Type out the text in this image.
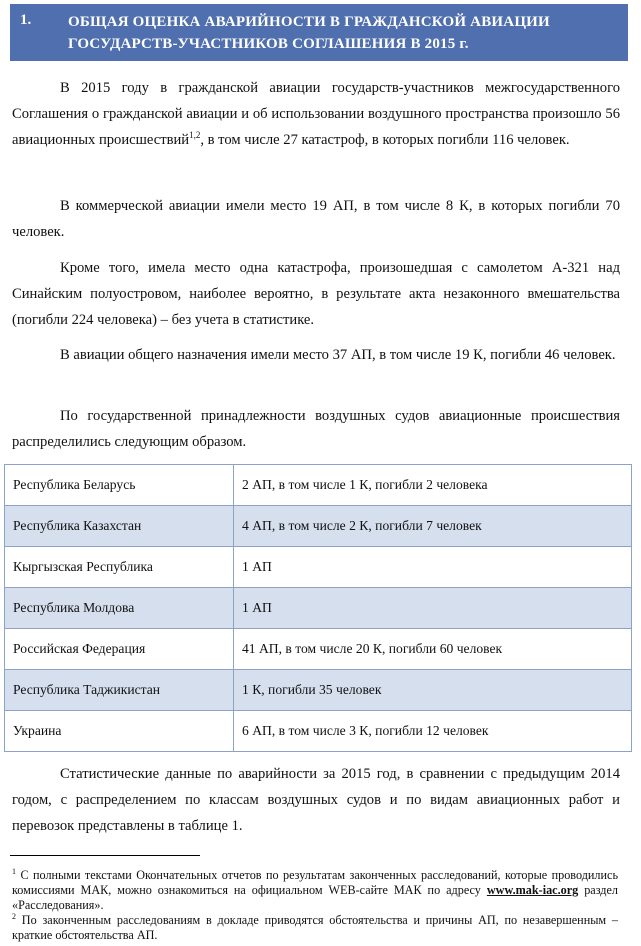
1. ОБЩАЯ ОЦЕНКА АВАРИЙНОСТИ В ГРАЖДАНСКОЙ АВИАЦИИ ГОСУДАРСТВ-УЧАСТНИКОВ СОГЛАШЕНИЯ В 2015 г.

В 2015 году в гражданской авиации государств-участников межгосударственного Соглашения о гражданской авиации и об использовании воздушного пространства произошло 56 авиационных происшествий$^{1,2}$, в том числе 27 катастроф, в которых погибли 116 человек.

В коммерческой авиации имели место 19 АП, в том числе 8 К, в которых погибли 70 человек.

Кроме того, имела место одна катастрофа, произошедшая с самолетом А-321 над Синайским полуостровом, наиболее вероятно, в результате акта незаконного вмешательства (погибли 224 человека) – без учета в статистике.

В авиации общего назначения имели место 37 АП, в том числе 19 К, погибли 46 человек.

По государственной принадлежности воздушных судов авиационные происшествия распределились следующим образом.

Республика Беларусь	2 АП, в том числе 1 К, погибли 2 человека
Республика Казахстан	4 АП, в том числе 2 К, погибли 7 человек
Кыргызская Республика	1 АП
Республика Молдова	1 АП
Российская Федерация	41 АП, в том числе 20 К, погибли 60 человек
Республика Таджикистан	1 К, погибли 35 человек
Украина	6 АП, в том числе 3 К, погибли 12 человек

Статистические данные по аварийности за 2015 год, в сравнении с предыдущим 2014 годом, с распределением по классам воздушных судов и по видам авиационных работ и перевозок представлены в таблице 1.

$^1$ С полными текстами Окончательных отчетов по результатам законченных расследований, которые проводились комиссиями МАК, можно ознакомиться на официальном WEB-сайте МАК по адресу www.mak-iac.org раздел «Расследования».

$^2$ По законченным расследованиям в докладе приводятся обстоятельства и причины АП, по незавершенным – краткие обстоятельства АП.
